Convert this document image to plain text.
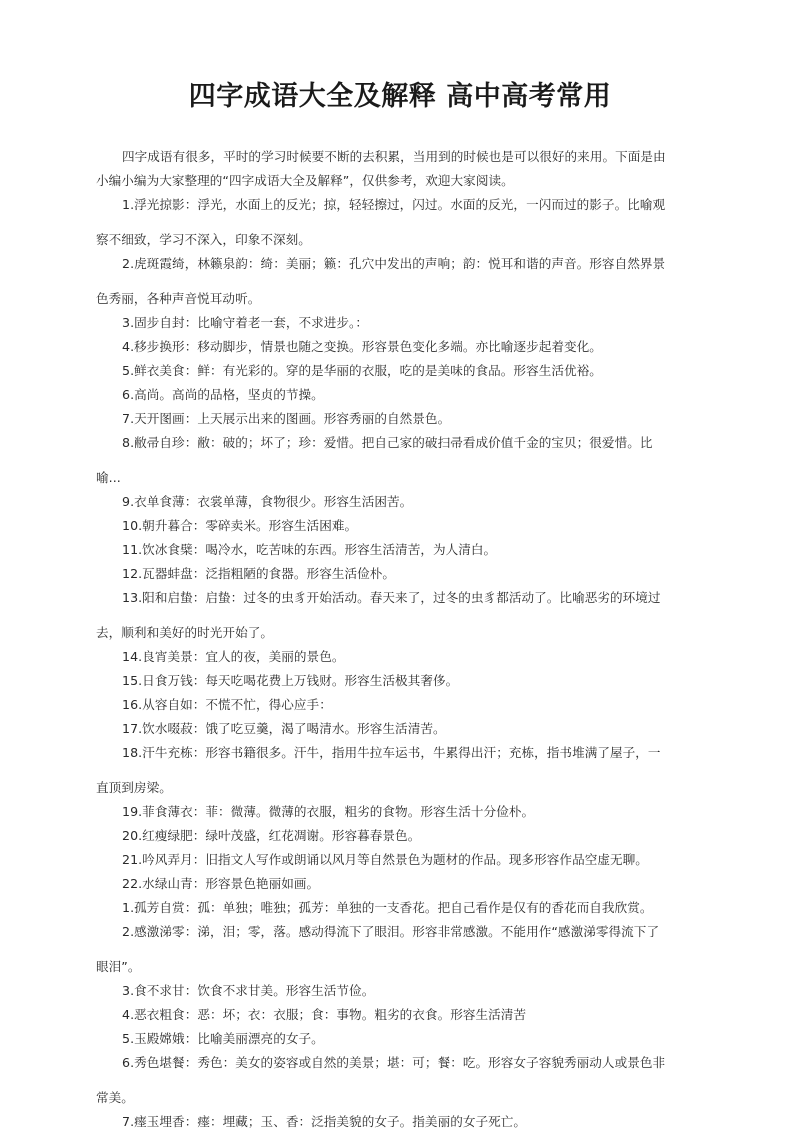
四字成语大全及解释 高中高考常用
四字成语有很多，平时的学习时候要不断的去积累，当用到的时候也是可以很好的来用。下面是由
小编小编为大家整理的“四字成语大全及解释”，仅供参考，欢迎大家阅读。
1.浮光掠影：浮光，水面上的反光；掠，轻轻擦过，闪过。水面的反光，一闪而过的影子。比喻观
察不细致，学习不深入，印象不深刻。
2.虎斑霞绮，林籁泉韵：绮：美丽；籁：孔穴中发出的声响；韵：悦耳和谐的声音。形容自然界景
色秀丽，各种声音悦耳动听。
3.固步自封：比喻守着老一套，不求进步。：
4.移步换形：移动脚步，情景也随之变换。形容景色变化多端。亦比喻逐步起着变化。
5.鲜衣美食：鲜：有光彩的。穿的是华丽的衣服，吃的是美味的食品。形容生活优裕。
6.高尚。高尚的品格，坚贞的节操。
7.天开图画：上天展示出来的图画。形容秀丽的自然景色。
8.敝帚自珍：敝：破的；坏了；珍：爱惜。把自己家的破扫帚看成价值千金的宝贝；很爱惜。比
喻...
9.衣单食薄：衣裳单薄，食物很少。形容生活困苦。
10.朝升暮合：零碎卖米。形容生活困难。
11.饮冰食檗：喝冷水，吃苦味的东西。形容生活清苦，为人清白。
12.瓦器蚌盘：泛指粗陋的食器。形容生活俭朴。
13.阳和启蛰：启蛰：过冬的虫豸开始活动。春天来了，过冬的虫豸都活动了。比喻恶劣的环境过
去，顺利和美好的时光开始了。
14.良宵美景：宜人的夜，美丽的景色。
15.日食万钱：每天吃喝花费上万钱财。形容生活极其奢侈。
16.从容自如：不慌不忙，得心应手：
17.饮水啜菽：饿了吃豆羹，渴了喝清水。形容生活清苦。
18.汗牛充栋：形容书籍很多。汗牛，指用牛拉车运书，牛累得出汗；充栋，指书堆满了屋子，一
直顶到房梁。
19.菲食薄衣：菲：微薄。微薄的衣服，粗劣的食物。形容生活十分俭朴。
20.红瘦绿肥：绿叶茂盛，红花凋谢。形容暮春景色。
21.吟风弄月：旧指文人写作或朗诵以风月等自然景色为题材的作品。现多形容作品空虚无聊。
22.水绿山青：形容景色艳丽如画。
1.孤芳自赏：孤：单独；唯独；孤芳：单独的一支香花。把自己看作是仅有的香花而自我欣赏。
2.感激涕零：涕，泪；零，落。感动得流下了眼泪。形容非常感激。不能用作“感激涕零得流下了
眼泪”。
3.食不求甘：饮食不求甘美。形容生活节俭。
4.恶衣粗食：恶：坏；衣：衣服；食：事物。粗劣的衣食。形容生活清苦
5.玉殿嫦娥：比喻美丽漂亮的女子。
6.秀色堪餐：秀色：美女的姿容或自然的美景；堪：可；餐：吃。形容女子容貌秀丽动人或景色非
常美。
7.瘗玉埋香：瘗：埋藏；玉、香：泛指美貌的女子。指美丽的女子死亡。
